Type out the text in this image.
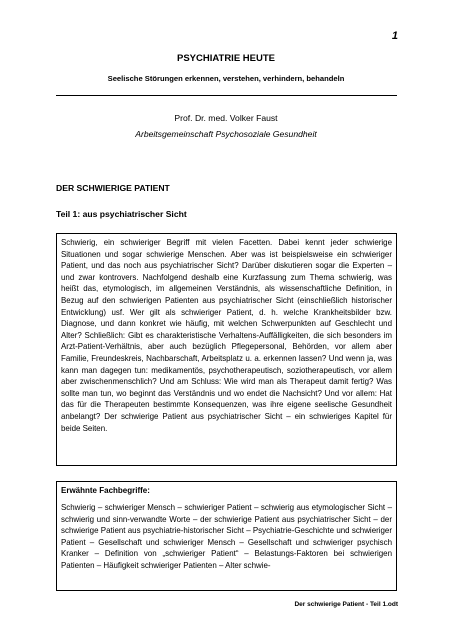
1
PSYCHIATRIE HEUTE
Seelische Störungen erkennen, verstehen, verhindern, behandeln
Prof. Dr. med. Volker Faust
Arbeitsgemeinschaft Psychosoziale Gesundheit
DER SCHWIERIGE PATIENT
Teil 1: aus psychiatrischer Sicht

Schwierig, ein schwieriger Begriff mit vielen Facetten. Dabei kennt jeder schwierige Situationen und sogar schwierige Menschen. Aber was ist beispielsweise ein schwieriger Patient, und das noch aus psychiatrischer Sicht? Darüber diskutieren sogar die Experten – und zwar kontrovers. Nachfolgend deshalb eine Kurzfassung zum Thema schwierig, was heißt das, etymologisch, im allgemeinen Verständnis, als wissenschaftliche Definition, in Bezug auf den schwierigen Patienten aus psychiatrischer Sicht (einschließlich historischer Entwicklung) usf. Wer gilt als schwieriger Patient, d. h. welche Krankheitsbilder bzw. Diagnose, und dann konkret wie häufig, mit welchen Schwerpunkten auf Geschlecht und Alter? Schließlich: Gibt es charakteristische Verhaltens-Auffälligkeiten, die sich besonders im Arzt-Patient-Verhältnis, aber auch bezüglich Pflegepersonal, Behörden, vor allem aber Familie, Freundeskreis, Nachbarschaft, Arbeitsplatz u. a. erkennen lassen? Und wenn ja, was kann man dagegen tun: medikamentös, psychotherapeutisch, soziotherapeutisch, vor allem aber zwischenmenschlich? Und am Schluss: Wie wird man als Therapeut damit fertig? Was sollte man tun, wo beginnt das Verständnis und wo endet die Nachsicht? Und vor allem: Hat das für die Therapeuten bestimmte Konsequenzen, was ihre eigene seelische Gesundheit anbelangt? Der schwierige Patient aus psychiatrischer Sicht – ein schwieriges Kapitel für beide Seiten.

Erwähnte Fachbegriffe:

Schwierig – schwieriger Mensch – schwieriger Patient – schwierig aus etymologischer Sicht – schwierig und sinn-verwandte Worte – der schwierige Patient aus psychiatrischer Sicht – der schwierige Patient aus psychiatrie-historischer Sicht – Psychiatrie-Geschichte und schwieriger Patient – Gesellschaft und schwieriger Mensch – Gesellschaft und schwieriger psychisch Kranker – Definition von „schwieriger Patient“ – Belastungs-Faktoren bei schwierigen Patienten – Häufigkeit schwieriger Patienten – Alter schwie-

Der schwierige Patient - Teil 1.odt
